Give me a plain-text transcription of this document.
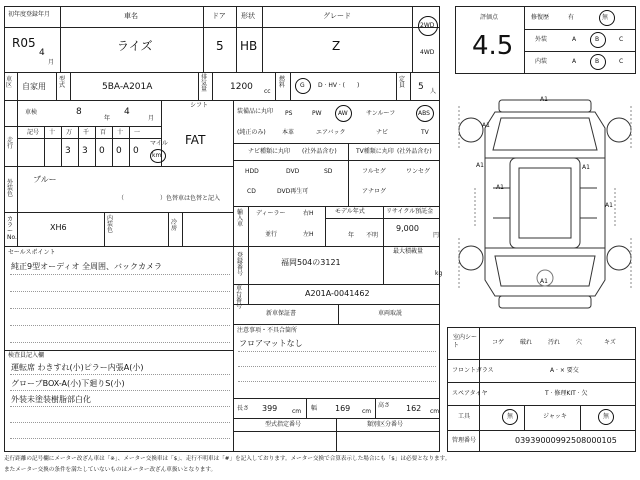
初年度登録年月
R05
4
月
車名
ライズ
ドア
5
形状
HB
グレード
Z
2WD
4WD
車区 自家用
型式	5BA-A201A
排気量	1200 cc
燃料	G D · HV · (　　)
定員 5 人
車検	8
年
4
月
シフト
FAT
走行
記号 十 万
3
千
3
百
0
十
0
一
0
マイル
km
外装色
ブルー
（　　　　　　）色替車は色替と記入
カラーNo.
XH6
内装色
冷房
装備品に丸印
(純正のみ)
PS	PW	AW	サンルーフ	ABS
本革	エアバック	ナビ	TV
ナビ種類に丸印 (社外品含む)
HDD	DVD	SD
CD	DVD再生可
TV種類に丸印 (社外品含む)
フルセグ	ワンセグ
アナログ
輸入車
ディーラー
並行
右H
左H
モデル年式
年 不明
リサイクル預託金
9,000
円
セールスポイント
純正9型オーディオ 全周囲、バックカメラ
登録番号
福岡504の3121
最大積載量
kg
車台番号
A201A-0041462
新車保証書	車両取説
検査員記入欄
運転席 わきすれ(小)ピラー内張A(小)
グローブBOX-A(小)下廻りS(小)
外装未塗装樹脂部白化
注意事項・不具合箇所
フロアマットなし
長さ 399 cm 幅 169 cm
高さ 162 cm
型式指定番号	類別区分番号
評価点
4.5
修復歴	有	無
外装	A	B	C
内装	A	B	C
A1
A1
A1
A1
A1
A1
A1
室内シート	コゲ	破れ	汚れ	穴	キズ
フロントガラス	A · × 要交
スペアタイヤ	T · 修理KIT · 欠
工具	無	ジャッキ	無
管理番号	03939000992508000105
走行距離の記号欄にメーター改ざん車は「※」、メーター交換車は「$」、走行不明車は「#」を記入しております。メーター交換で合算表示した場合にも「$」は必要となります。
またメーター交換の条件を満たしていないものはメーター改ざん車扱いとなります。
